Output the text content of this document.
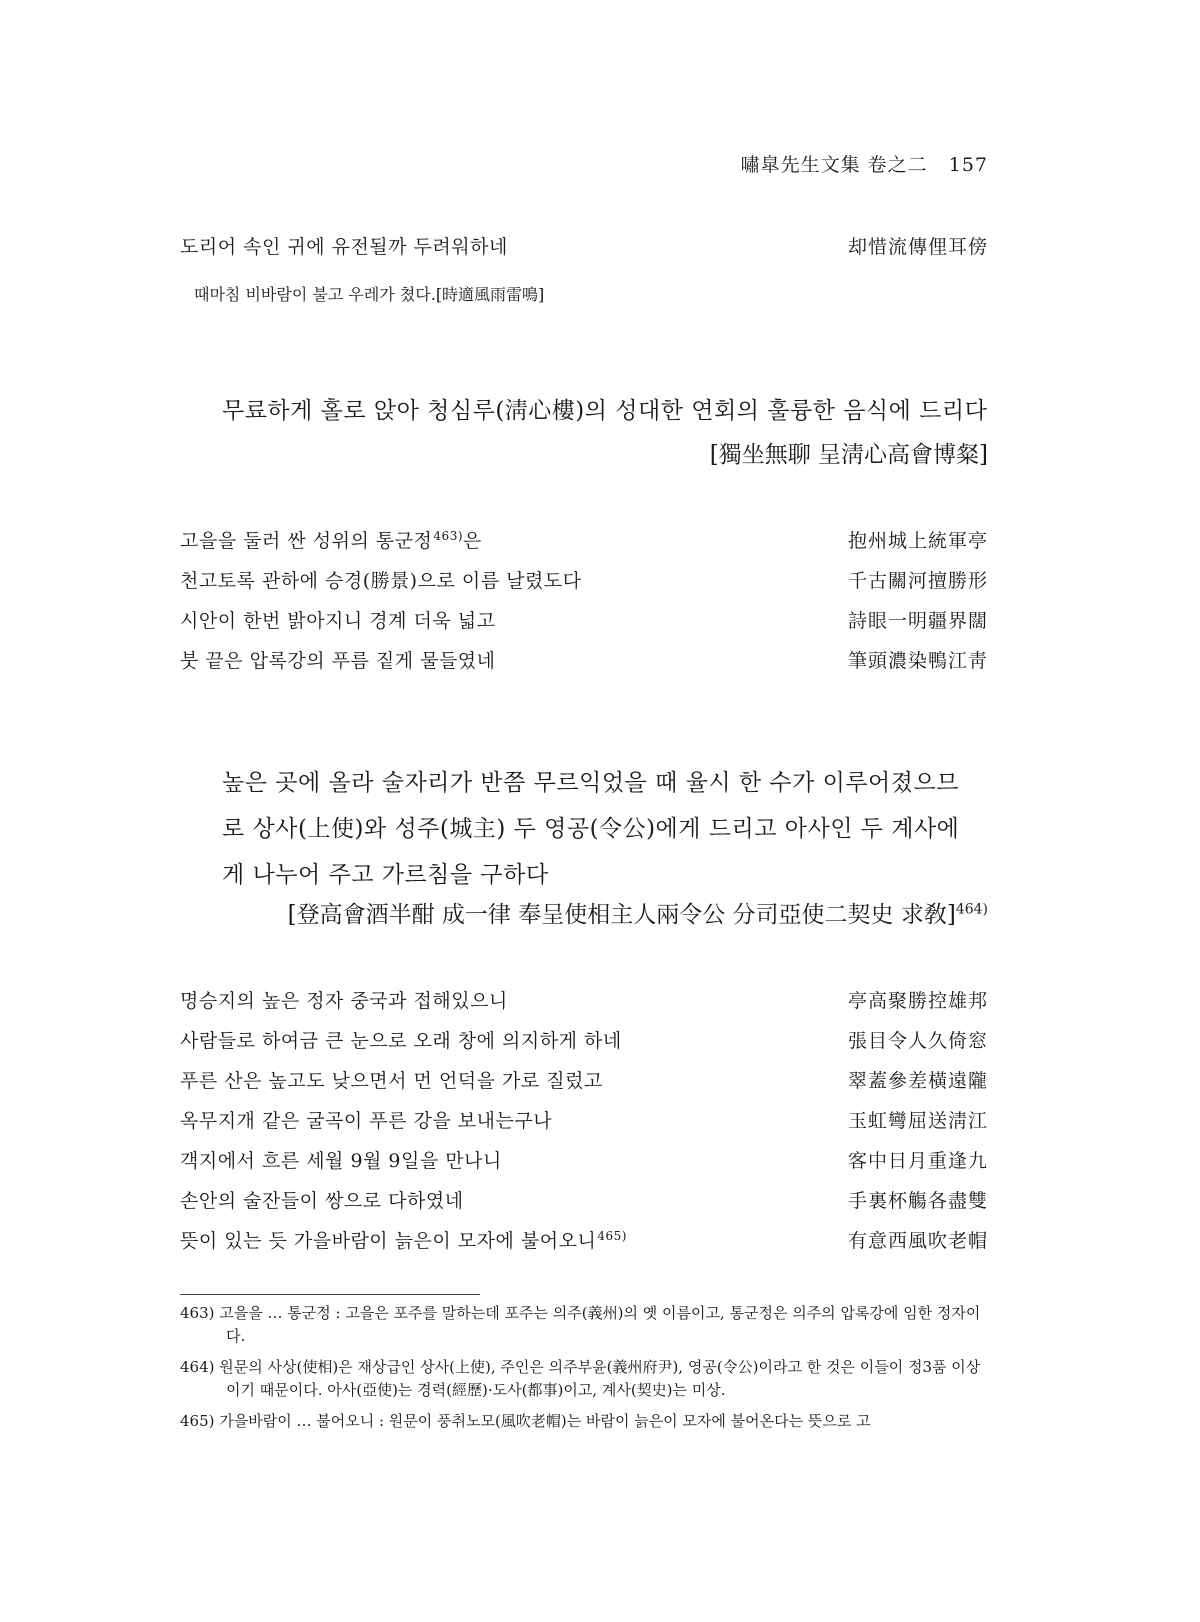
嘯皐先生文集 卷之二 157
도리어 속인 귀에 유전될까 두려워하네	却惜流傳俚耳傍
때마침 비바람이 불고 우레가 쳤다.[時適風雨雷鳴]
무료하게 홀로 앉아 청심루(淸心樓)의 성대한 연회의 훌륭한 음식에 드리다
[獨坐無聊 呈淸心高會博粲]
고을을 둘러 싼 성위의 통군정$^{463)}$은	抱州城上統軍亭
천고토록 관하에 승경(勝景)으로 이름 날렸도다	千古關河擅勝形
시안이 한번 밝아지니 경계 더욱 넓고	詩眼一明疆界闊
붓 끝은 압록강의 푸름 짙게 물들였네	筆頭濃染鴨江靑
높은 곳에 올라 술자리가 반쯤 무르익었을 때 율시 한 수가 이루어졌으므
로 상사(上使)와 성주(城主) 두 영공(令公)에게 드리고 아사인 두 계사에
게 나누어 주고 가르침을 구하다
[登高會酒半酣 成一律 奉呈使相主人兩令公 分司亞使二契史 求敎]$^{464)}$
명승지의 높은 정자 중국과 접해있으니	亭高聚勝控雄邦
사람들로 하여금 큰 눈으로 오래 창에 의지하게 하네	張目令人久倚窓
푸른 산은 높고도 낮으면서 먼 언덕을 가로 질렀고	翠蓋參差橫遠隴
옥무지개 같은 굴곡이 푸른 강을 보내는구나	玉虹彎屈送淸江
객지에서 흐른 세월 9월 9일을 만나니	客中日月重逢九
손안의 술잔들이 쌍으로 다하였네	手裏杯觴各盡雙
뜻이 있는 듯 가을바람이 늙은이 모자에 불어오니$^{465)}$	有意西風吹老帽
463) 고을을 … 통군정 : 고을은 포주를 말하는데 포주는 의주(義州)의 옛 이름이고, 통군정은 의주의 압록강에 임한 정자이다.
464) 원문의 사상(使相)은 재상급인 상사(上使), 주인은 의주부윤(義州府尹), 영공(令公)이라고 한 것은 이들이 정3품 이상이기 때문이다. 아사(亞使)는 경력(經歷)·도사(都事)이고, 계사(契史)는 미상.
465) 가을바람이 … 불어오니 : 원문이 풍취노모(風吹老帽)는 바람이 늙은이 모자에 불어온다는 뜻으로 고
